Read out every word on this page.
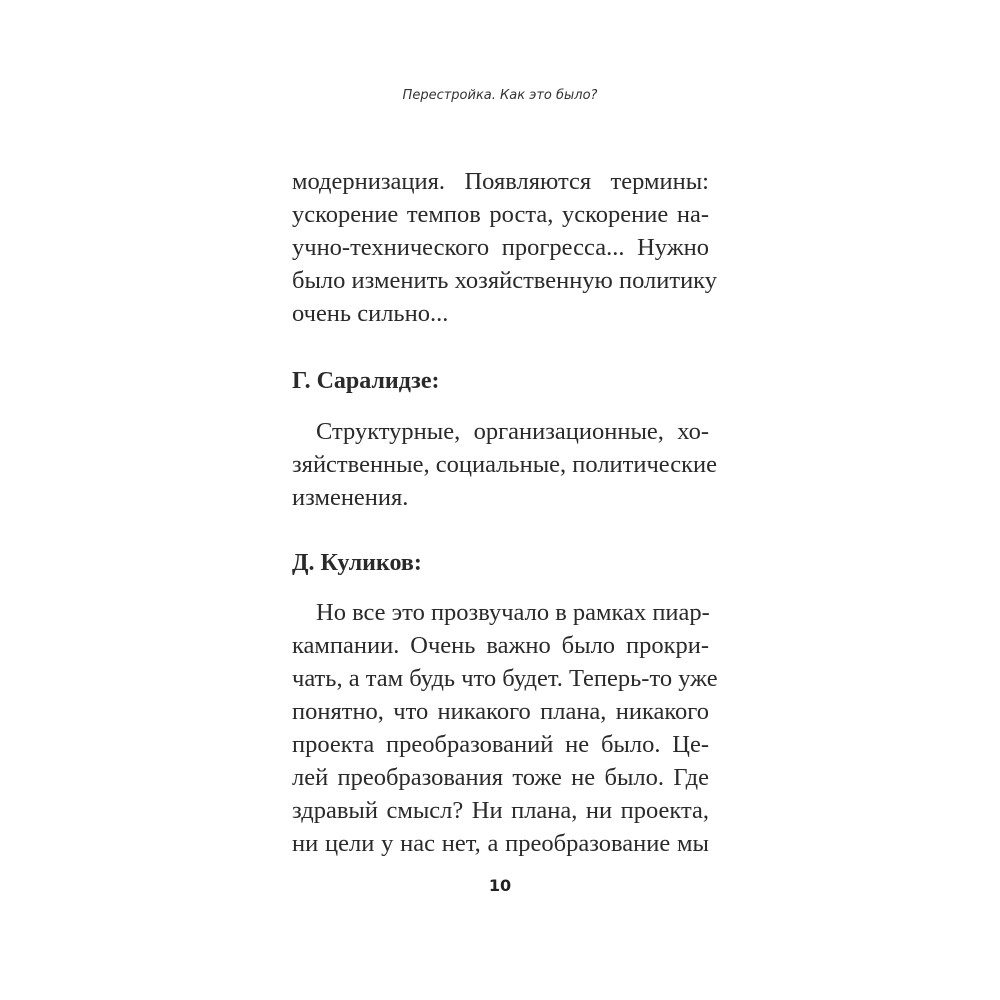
Перестройка. Как это было?
модернизация. Появляются термины:
ускорение темпов роста, ускорение на-
учно-технического прогресса... Нужно
было изменить хозяйственную политику
очень сильно...
Г. Саралидзе:
Структурные, организационные, хо-
зяйственные, социальные, политические
изменения.
Д. Куликов:
Но все это прозвучало в рамках пиар-
кампании. Очень важно было прокри-
чать, а там будь что будет. Теперь-то уже
понятно, что никакого плана, никакого
проекта преобразований не было. Це-
лей преобразования тоже не было. Где
здравый смысл? Ни плана, ни проекта,
ни цели у нас нет, а преобразование мы
10
